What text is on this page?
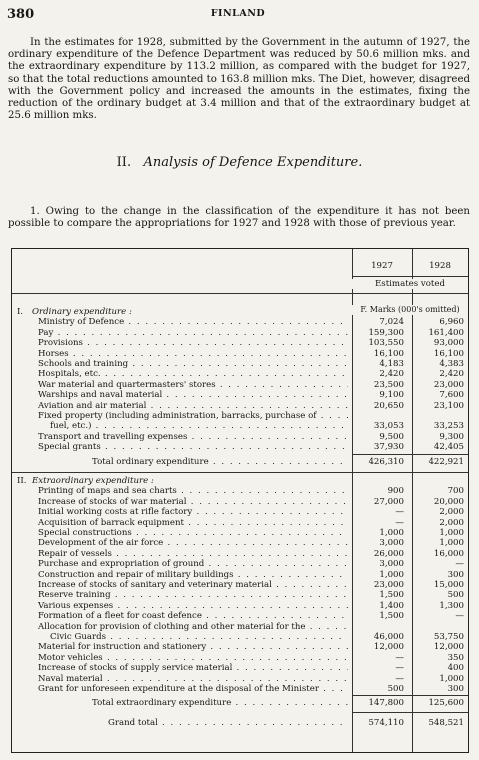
380	FINLAND

In the estimates for 1928, submitted by the Government in the autumn of 1927, the ordinary expenditure of the Defence Department was reduced by 50.6 million mks. and the extraordinary expenditure by 113.2 million, as compared with the budget for 1927, so that the total reductions amounted to 163.8 million mks. The Diet, however, disagreed with the Government policy and increased the amounts in the estimates, fixing the reduction of the ordinary budget at 3.4 million and that of the extraordinary budget at 25.6 million mks.

II. Analysis of Defence Expenditure.

1. Owing to the change in the classification of the expenditure it has not been possible to compare the appropriations for 1927 and 1928 with those of previous year.

1927	1928
Estimates voted
F. Marks (000's omitted)
I. Ordinary expenditure :
Ministry of Defence . . .	7,024	6,960
Pay . . .	159,300	161,400
Provisions . . .	103,550	93,000
Horses . . .	16,100	16,100
Schools and training . . .	4,183	4,383
Hospitals, etc. . . .	2,420	2,420
War material and quartermasters' stores . . .	23,500	23,000
Warships and naval material . . .	9,100	7,600
Aviation and air material . . .	20,650	23,100
Fixed property (including administration, barracks, purchase of . . .
fuel, etc.) . . .	33,053	33,253
Transport and travelling expenses . . .	9,500	9,300
Special grants . . .	37,930	42,405
Total ordinary expenditure . . .	426,310	422,921
II. Extraordinary expenditure :
Printing of maps and sea charts . . .	900	700
Increase of stocks of war material . . .	27,000	20,000
Initial working costs at rifle factory . . .	—	2,000
Acquisition of barrack equipment . . .	—	2,000
Special constructions . . .	1,000	1,000
Development of the air force . . .	3,000	1,000
Repair of vessels . . .	26,000	16,000
Purchase and expropriation of ground . . .	3,000	—
Construction and repair of military buildings . . .	1,000	300
Increase of stocks of sanitary and veterinary material . . .	23,000	15,000
Reserve training . . .	1,500	500
Various expenses . . .	1,400	1,300
Formation of a fleet for coast defence . . .	1,500	—
Allocation for provision of clothing and other material for the . . .
Civic Guards . . .	46,000	53,750
Material for instruction and stationery . . .	12,000	12,000
Motor vehicles . . .	—	350
Increase of stocks of supply service material . . .	—	400
Naval material . . .	—	1,000
Grant for unforeseen expenditure at the disposal of the Minister . . .	500	300
Total extraordinary expenditure . . .	147,800	125,600
Grand total . . .	574,110	548,521
